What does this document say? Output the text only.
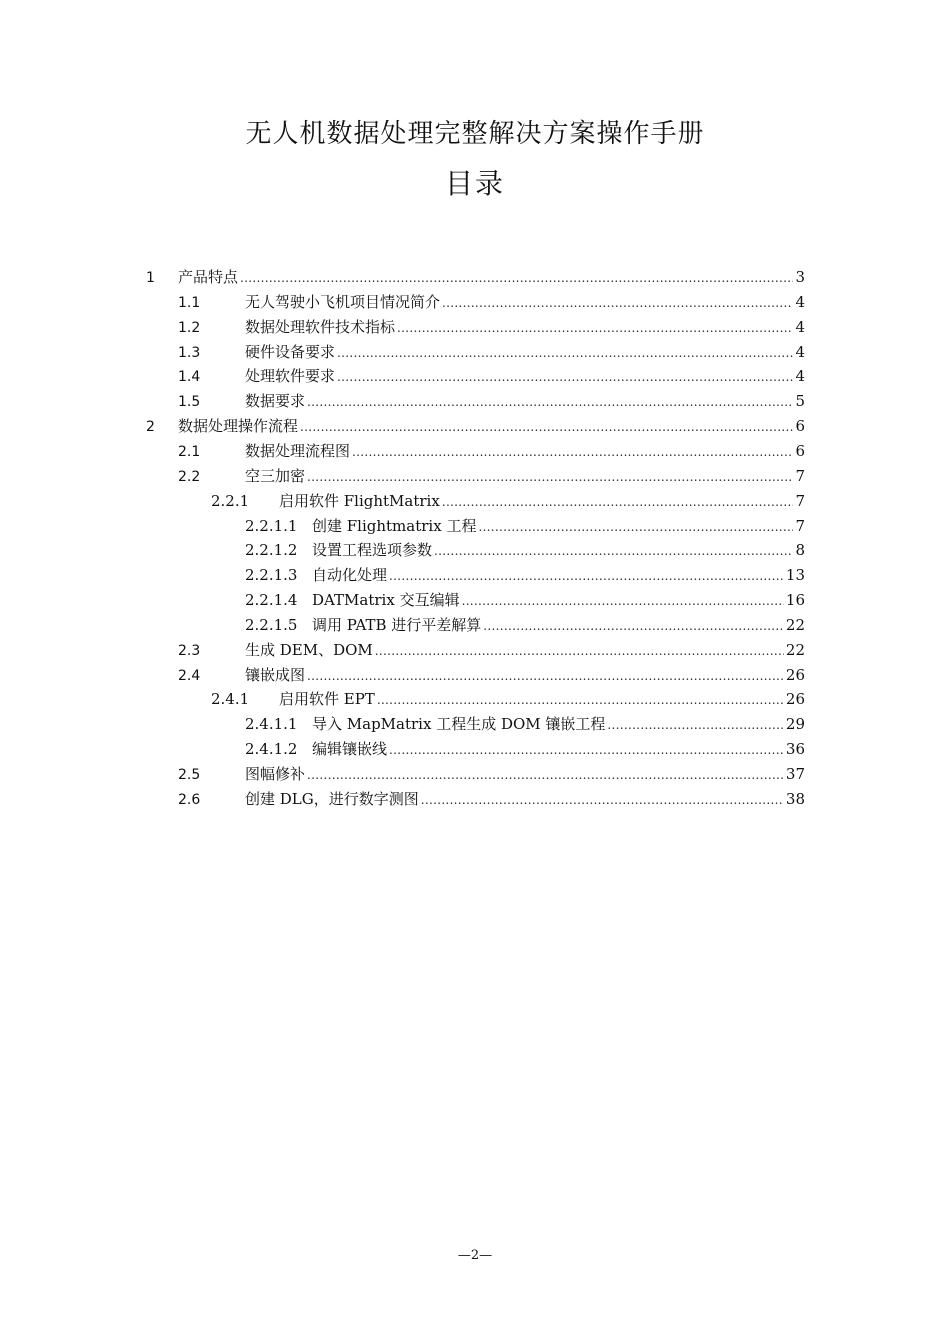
无人机数据处理完整解决方案操作手册
目录
1	产品特点 .....	3
1.1	无人驾驶小飞机项目情况简介 .....	4
1.2	数据处理软件技术指标 .....	4
1.3	硬件设备要求 .....	4
1.4	处理软件要求 .....	4
1.5	数据要求 .....	5
2	数据处理操作流程 .....	6
2.1	数据处理流程图 .....	6
2.2	空三加密 .....	7
2.2.1	启用软件 FlightMatrix .....	7
2.2.1.1 创建 Flightmatrix 工程 .....	7
2.2.1.2 设置工程选项参数 .....	8
2.2.1.3 自动化处理 .....	13
2.2.1.4 DATMatrix 交互编辑 .....	16
2.2.1.5 调用 PATB 进行平差解算 .....	22
2.3	生成 DEM、DOM .....	22
2.4	镶嵌成图 .....	26
2.4.1	启用软件 EPT .....	26
2.4.1.1 导入 MapMatrix 工程生成 DOM 镶嵌工程 .....	29
2.4.1.2 编辑镶嵌线 .....	36
2.5	图幅修补 .....	37
2.6	创建 DLG，进行数字测图 .....	38
—2—
